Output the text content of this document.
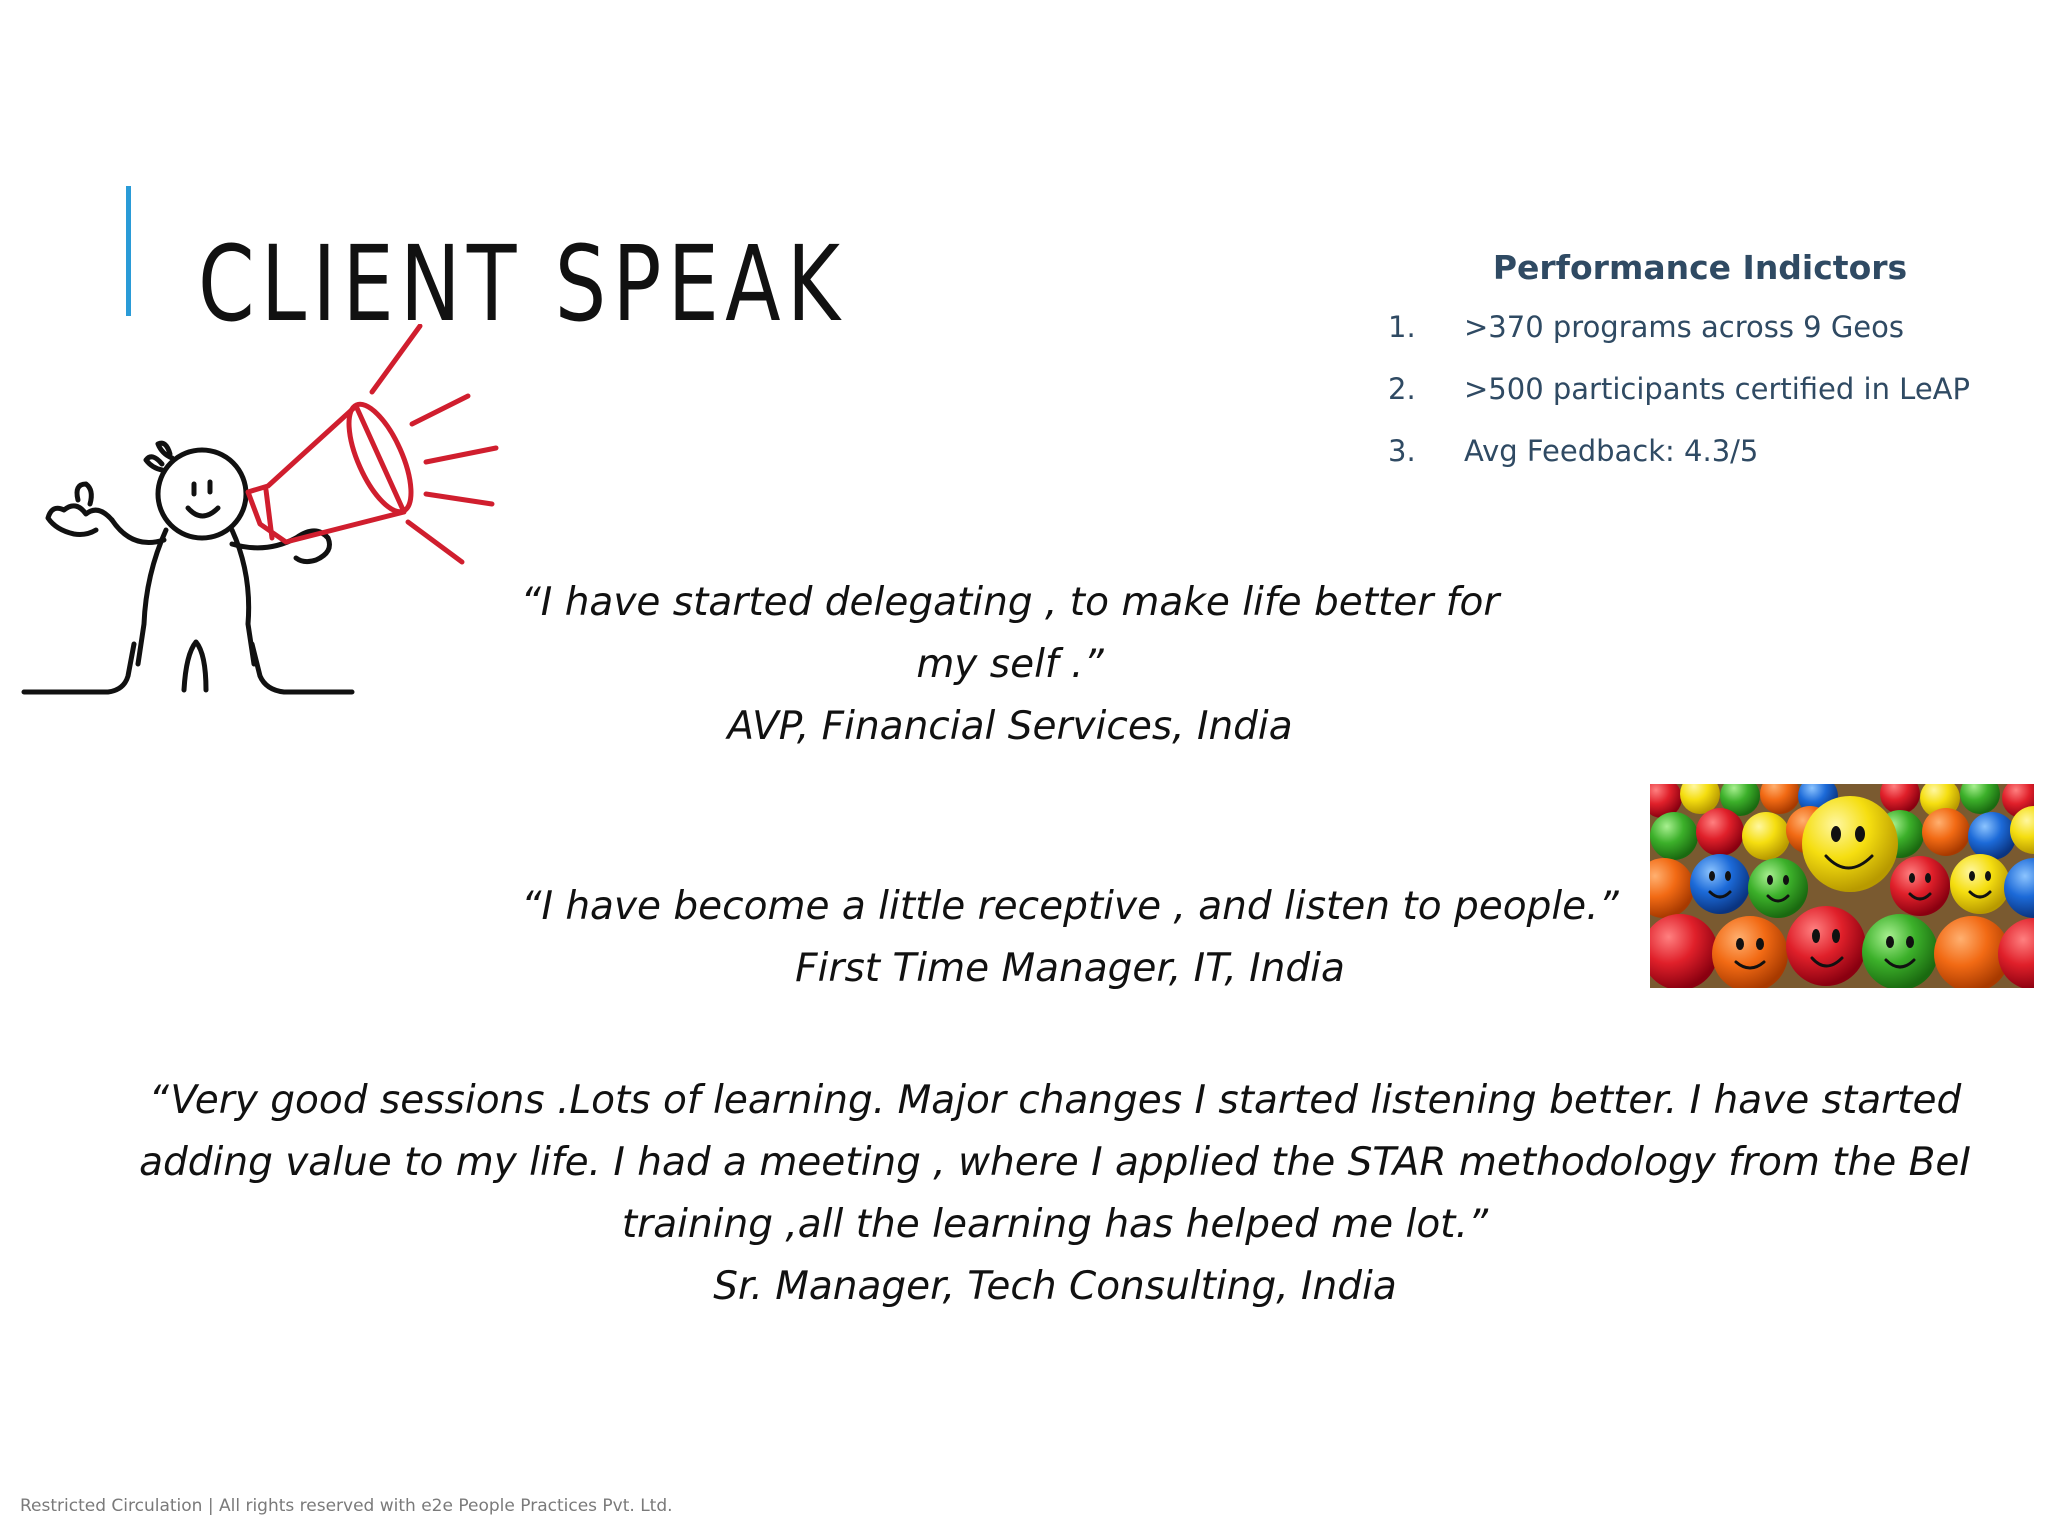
CLIENT SPEAK	Performance Indictors
1.	>370 programs across 9 Geos
2.	>500 participants certified in LeAP
3.	Avg Feedback: 4.3/5
“I have started delegating , to make life better for
my self .”
AVP, Financial Services, India
“I have become a little receptive , and listen to people.”
First Time Manager, IT, India
“Very good sessions .Lots of learning. Major changes I started listening better. I have started
adding value to my life. I had a meeting , where I applied the STAR methodology from the BeI
training ,all the learning has helped me lot.”
Sr. Manager, Tech Consulting, India
Restricted Circulation | All rights reserved with e2e People Practices Pvt. Ltd.
